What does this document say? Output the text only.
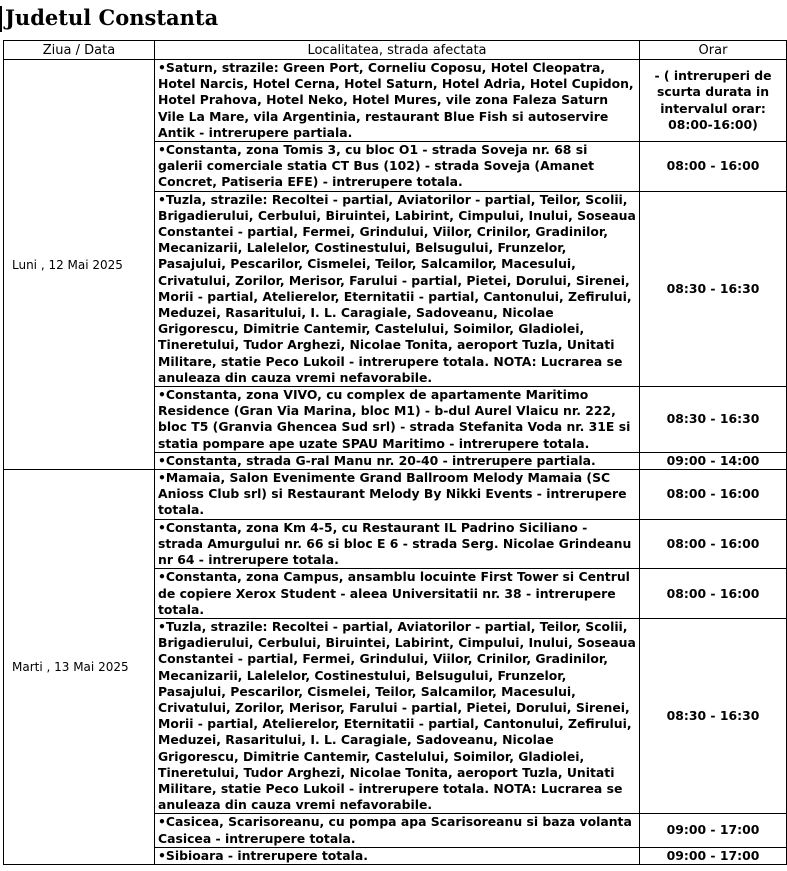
Judetul Constanta
Ziua / Data	Localitatea, strada afectata	Orar
Luni , 12 Mai 2025	•Saturn, strazile: Green Port, Corneliu Coposu, Hotel Cleopatra, Hotel Narcis, Hotel Cerna, Hotel Saturn, Hotel Adria, Hotel Cupidon, Hotel Prahova, Hotel Neko, Hotel Mures, vile zona Faleza Saturn Vile La Mare, vila Argentinia, restaurant Blue Fish si autoservire Antik - intrerupere partiala.	- ( intreruperi de scurta durata in intervalul orar: 08:00-16:00)
	•Constanta, zona Tomis 3, cu bloc O1 - strada Soveja nr. 68 si galerii comerciale statia CT Bus (102) - strada Soveja (Amanet Concret, Patiseria EFE) - intrerupere totala.	08:00 - 16:00
	•Tuzla, strazile: Recoltei - partial, Aviatorilor - partial, Teilor, Scolii, Brigadierului, Cerbului, Biruintei, Labirint, Cimpului, Inului, Soseaua Constantei - partial, Fermei, Grindului, Viilor, Crinilor, Gradinilor, Mecanizarii, Lalelelor, Costinestului, Belsugului, Frunzelor, Pasajului, Pescarilor, Cismelei, Teilor, Salcamilor, Macesului, Crivatului, Zorilor, Merisor, Farului - partial, Pietei, Dorului, Sirenei, Morii - partial, Atelierelor, Eternitatii - partial, Cantonului, Zefirului, Meduzei, Rasaritului, I. L. Caragiale, Sadoveanu, Nicolae Grigorescu, Dimitrie Cantemir, Castelului, Soimilor, Gladiolei, Tineretului, Tudor Arghezi, Nicolae Tonita, aeroport Tuzla, Unitati Militare, statie Peco Lukoil - intrerupere totala. NOTA: Lucrarea se anuleaza din cauza vremi nefavorabile.	08:30 - 16:30
	•Constanta, zona VIVO, cu complex de apartamente Maritimo Residence (Gran Via Marina, bloc M1) - b-dul Aurel Vlaicu nr. 222, bloc T5 (Granvia Ghencea Sud srl) - strada Stefanita Voda nr. 31E si statia pompare ape uzate SPAU Maritimo - intrerupere totala.	08:30 - 16:30
	•Constanta, strada G-ral Manu nr. 20-40 - intrerupere partiala.	09:00 - 14:00
Marti , 13 Mai 2025	•Mamaia, Salon Evenimente Grand Ballroom Melody Mamaia (SC Anioss Club srl) si Restaurant Melody By Nikki Events - intrerupere totala.	08:00 - 16:00
	•Constanta, zona Km 4-5, cu Restaurant IL Padrino Siciliano - strada Amurgului nr. 66 si bloc E 6 - strada Serg. Nicolae Grindeanu nr 64 - intrerupere totala.	08:00 - 16:00
	•Constanta, zona Campus, ansamblu locuinte First Tower si Centrul de copiere Xerox Student - aleea Universitatii nr. 38 - intrerupere totala.	08:00 - 16:00
	•Tuzla, strazile: Recoltei - partial, Aviatorilor - partial, Teilor, Scolii, Brigadierului, Cerbului, Biruintei, Labirint, Cimpului, Inului, Soseaua Constantei - partial, Fermei, Grindului, Viilor, Crinilor, Gradinilor, Mecanizarii, Lalelelor, Costinestului, Belsugului, Frunzelor, Pasajului, Pescarilor, Cismelei, Teilor, Salcamilor, Macesului, Crivatului, Zorilor, Merisor, Farului - partial, Pietei, Dorului, Sirenei, Morii - partial, Atelierelor, Eternitatii - partial, Cantonului, Zefirului, Meduzei, Rasaritului, I. L. Caragiale, Sadoveanu, Nicolae Grigorescu, Dimitrie Cantemir, Castelului, Soimilor, Gladiolei, Tineretului, Tudor Arghezi, Nicolae Tonita, aeroport Tuzla, Unitati Militare, statie Peco Lukoil - intrerupere totala. NOTA: Lucrarea se anuleaza din cauza vremi nefavorabile.	08:30 - 16:30
	•Casicea, Scarisoreanu, cu pompa apa Scarisoreanu si baza volanta Casicea - intrerupere totala.	09:00 - 17:00
	•Sibioara - intrerupere totala.	09:00 - 17:00
